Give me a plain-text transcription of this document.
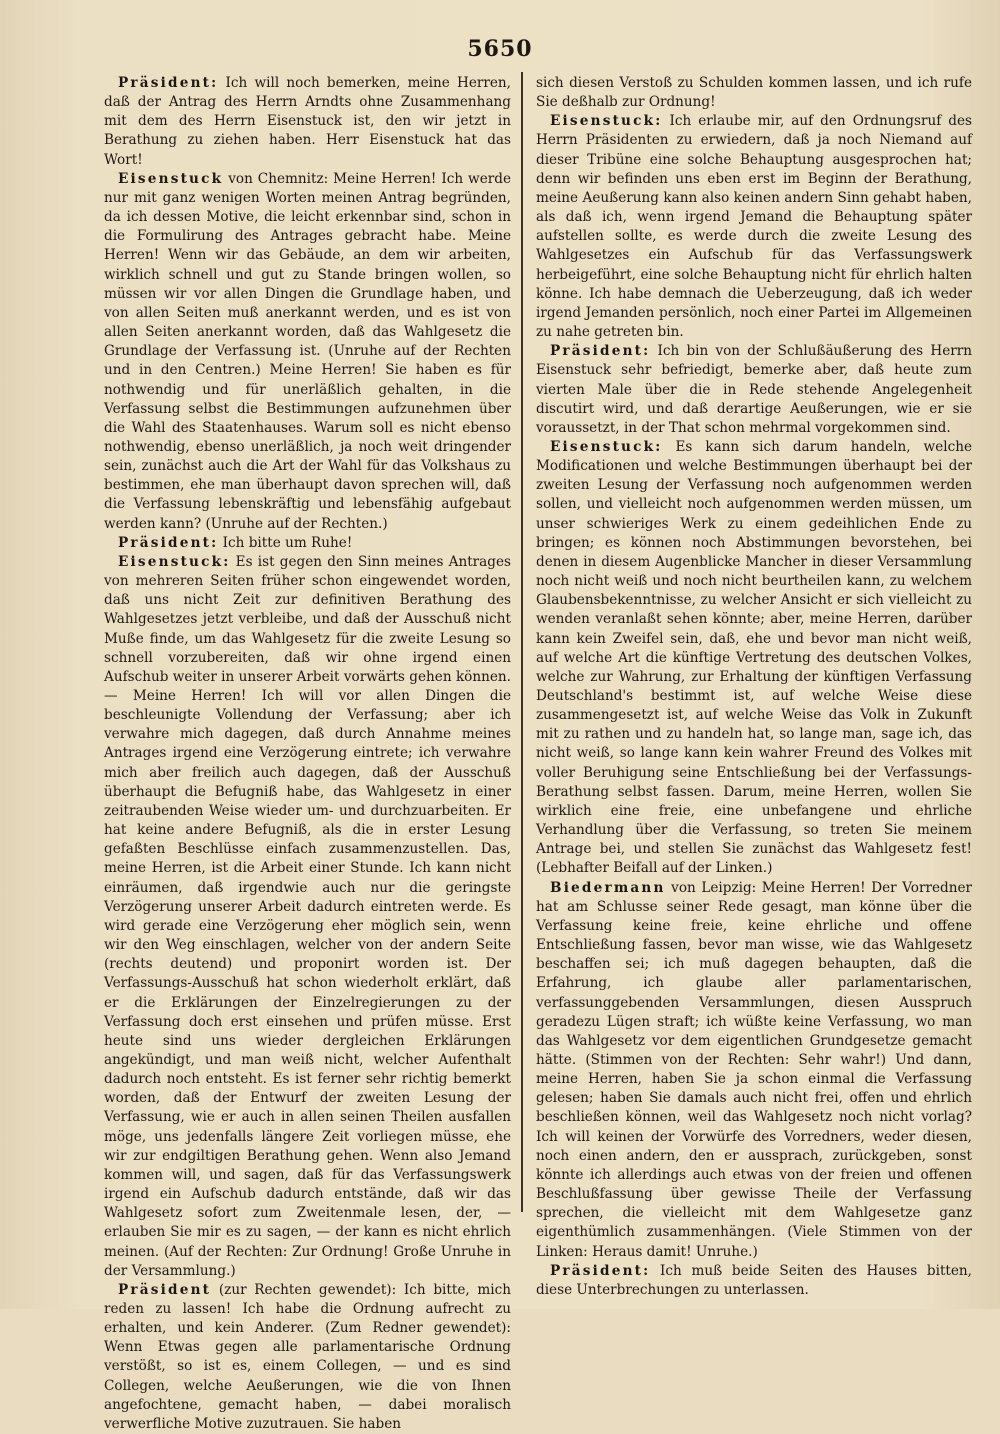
5650

Präsident: Ich will noch bemerken, meine Herren, daß der Antrag des Herrn Arndts ohne Zusammenhang mit dem des Herrn Eisenstuck ist, den wir jetzt in Berathung zu ziehen haben. Herr Eisenstuck hat das Wort!

Eisenstuck von Chemnitz: Meine Herren! Ich werde nur mit ganz wenigen Worten meinen Antrag begründen, da ich dessen Motive, die leicht erkennbar sind, schon in die Formulirung des Antrages gebracht habe. Meine Herren! Wenn wir das Gebäude, an dem wir arbeiten, wirklich schnell und gut zu Stande bringen wollen, so müssen wir vor allen Dingen die Grundlage haben, und von allen Seiten muß anerkannt werden, und es ist von allen Seiten anerkannt worden, daß das Wahlgesetz die Grundlage der Verfassung ist. (Unruhe auf der Rechten und in den Centren.) Meine Herren! Sie haben es für nothwendig und für unerläßlich gehalten, in die Verfassung selbst die Bestimmungen aufzunehmen über die Wahl des Staatenhauses. Warum soll es nicht ebenso nothwendig, ebenso unerläßlich, ja noch weit dringender sein, zunächst auch die Art der Wahl für das Volkshaus zu bestimmen, ehe man überhaupt davon sprechen will, daß die Verfassung lebenskräftig und lebensfähig aufgebaut werden kann? (Unruhe auf der Rechten.)

Präsident: Ich bitte um Ruhe!

Eisenstuck: Es ist gegen den Sinn meines Antrages von mehreren Seiten früher schon eingewendet worden, daß uns nicht Zeit zur definitiven Berathung des Wahlgesetzes jetzt verbleibe, und daß der Ausschuß nicht Muße finde, um das Wahlgesetz für die zweite Lesung so schnell vorzubereiten, daß wir ohne irgend einen Aufschub weiter in unserer Arbeit vorwärts gehen können. — Meine Herren! Ich will vor allen Dingen die beschleunigte Vollendung der Verfassung; aber ich verwahre mich dagegen, daß durch Annahme meines Antrages irgend eine Verzögerung eintrete; ich verwahre mich aber freilich auch dagegen, daß der Ausschuß überhaupt die Befugniß habe, das Wahlgesetz in einer zeitraubenden Weise wieder um- und durchzuarbeiten. Er hat keine andere Befugniß, als die in erster Lesung gefaßten Beschlüsse einfach zusammenzustellen. Das, meine Herren, ist die Arbeit einer Stunde. Ich kann nicht einräumen, daß irgendwie auch nur die geringste Verzögerung unserer Arbeit dadurch eintreten werde. Es wird gerade eine Verzögerung eher möglich sein, wenn wir den Weg einschlagen, welcher von der andern Seite (rechts deutend) und proponirt worden ist. Der Verfassungs-Ausschuß hat schon wiederholt erklärt, daß er die Erklärungen der Einzelregierungen zu der Verfassung doch erst einsehen und prüfen müsse. Erst heute sind uns wieder dergleichen Erklärungen angekündigt, und man weiß nicht, welcher Aufenthalt dadurch noch entsteht. Es ist ferner sehr richtig bemerkt worden, daß der Entwurf der zweiten Lesung der Verfassung, wie er auch in allen seinen Theilen ausfallen möge, uns jedenfalls längere Zeit vorliegen müsse, ehe wir zur endgiltigen Berathung gehen. Wenn also Jemand kommen will, und sagen, daß für das Verfassungswerk irgend ein Aufschub dadurch entstände, daß wir das Wahlgesetz sofort zum Zweitenmale lesen, der, — erlauben Sie mir es zu sagen, — der kann es nicht ehrlich meinen. (Auf der Rechten: Zur Ordnung! Große Unruhe in der Versammlung.)

Präsident (zur Rechten gewendet): Ich bitte, mich reden zu lassen! Ich habe die Ordnung aufrecht zu erhalten, und kein Anderer. (Zum Redner gewendet): Wenn Etwas gegen alle parlamentarische Ordnung verstößt, so ist es, einem Collegen, — und es sind Collegen, welche Aeußerungen, wie die von Ihnen angefochtene, gemacht haben, — dabei moralisch verwerfliche Motive zuzutrauen. Sie haben

sich diesen Verstoß zu Schulden kommen lassen, und ich rufe Sie deßhalb zur Ordnung!

Eisenstuck: Ich erlaube mir, auf den Ordnungsruf des Herrn Präsidenten zu erwiedern, daß ja noch Niemand auf dieser Tribüne eine solche Behauptung ausgesprochen hat; denn wir befinden uns eben erst im Beginn der Berathung, meine Aeußerung kann also keinen andern Sinn gehabt haben, als daß ich, wenn irgend Jemand die Behauptung später aufstellen sollte, es werde durch die zweite Lesung des Wahlgesetzes ein Aufschub für das Verfassungswerk herbeigeführt, eine solche Behauptung nicht für ehrlich halten könne. Ich habe demnach die Ueberzeugung, daß ich weder irgend Jemanden persönlich, noch einer Partei im Allgemeinen zu nahe getreten bin.

Präsident: Ich bin von der Schlußäußerung des Herrn Eisenstuck sehr befriedigt, bemerke aber, daß heute zum vierten Male über die in Rede stehende Angelegenheit discutirt wird, und daß derartige Aeußerungen, wie er sie voraussetzt, in der That schon mehrmal vorgekommen sind.

Eisenstuck: Es kann sich darum handeln, welche Modificationen und welche Bestimmungen überhaupt bei der zweiten Lesung der Verfassung noch aufgenommen werden sollen, und vielleicht noch aufgenommen werden müssen, um unser schwieriges Werk zu einem gedeihlichen Ende zu bringen; es können noch Abstimmungen bevorstehen, bei denen in diesem Augenblicke Mancher in dieser Versammlung noch nicht weiß und noch nicht beurtheilen kann, zu welchem Glaubensbekenntnisse, zu welcher Ansicht er sich vielleicht zu wenden veranlaßt sehen könnte; aber, meine Herren, darüber kann kein Zweifel sein, daß, ehe und bevor man nicht weiß, auf welche Art die künftige Vertretung des deutschen Volkes, welche zur Wahrung, zur Erhaltung der künftigen Verfassung Deutschland's bestimmt ist, auf welche Weise diese zusammengesetzt ist, auf welche Weise das Volk in Zukunft mit zu rathen und zu handeln hat, so lange man, sage ich, das nicht weiß, so lange kann kein wahrer Freund des Volkes mit voller Beruhigung seine Entschließung bei der Verfassungs-Berathung selbst fassen. Darum, meine Herren, wollen Sie wirklich eine freie, eine unbefangene und ehrliche Verhandlung über die Verfassung, so treten Sie meinem Antrage bei, und stellen Sie zunächst das Wahlgesetz fest! (Lebhafter Beifall auf der Linken.)

Biedermann von Leipzig: Meine Herren! Der Vorredner hat am Schlusse seiner Rede gesagt, man könne über die Verfassung keine freie, keine ehrliche und offene Entschließung fassen, bevor man wisse, wie das Wahlgesetz beschaffen sei; ich muß dagegen behaupten, daß die Erfahrung, ich glaube aller parlamentarischen, verfassunggebenden Versammlungen, diesen Ausspruch geradezu Lügen straft; ich wüßte keine Verfassung, wo man das Wahlgesetz vor dem eigentlichen Grundgesetze gemacht hätte. (Stimmen von der Rechten: Sehr wahr!) Und dann, meine Herren, haben Sie ja schon einmal die Verfassung gelesen; haben Sie damals auch nicht frei, offen und ehrlich beschließen können, weil das Wahlgesetz noch nicht vorlag? Ich will keinen der Vorwürfe des Vorredners, weder diesen, noch einen andern, den er aussprach, zurückgeben, sonst könnte ich allerdings auch etwas von der freien und offenen Beschlußfassung über gewisse Theile der Verfassung sprechen, die vielleicht mit dem Wahlgesetze ganz eigenthümlich zusammenhängen. (Viele Stimmen von der Linken: Heraus damit! Unruhe.)

Präsident: Ich muß beide Seiten des Hauses bitten, diese Unterbrechungen zu unterlassen.
